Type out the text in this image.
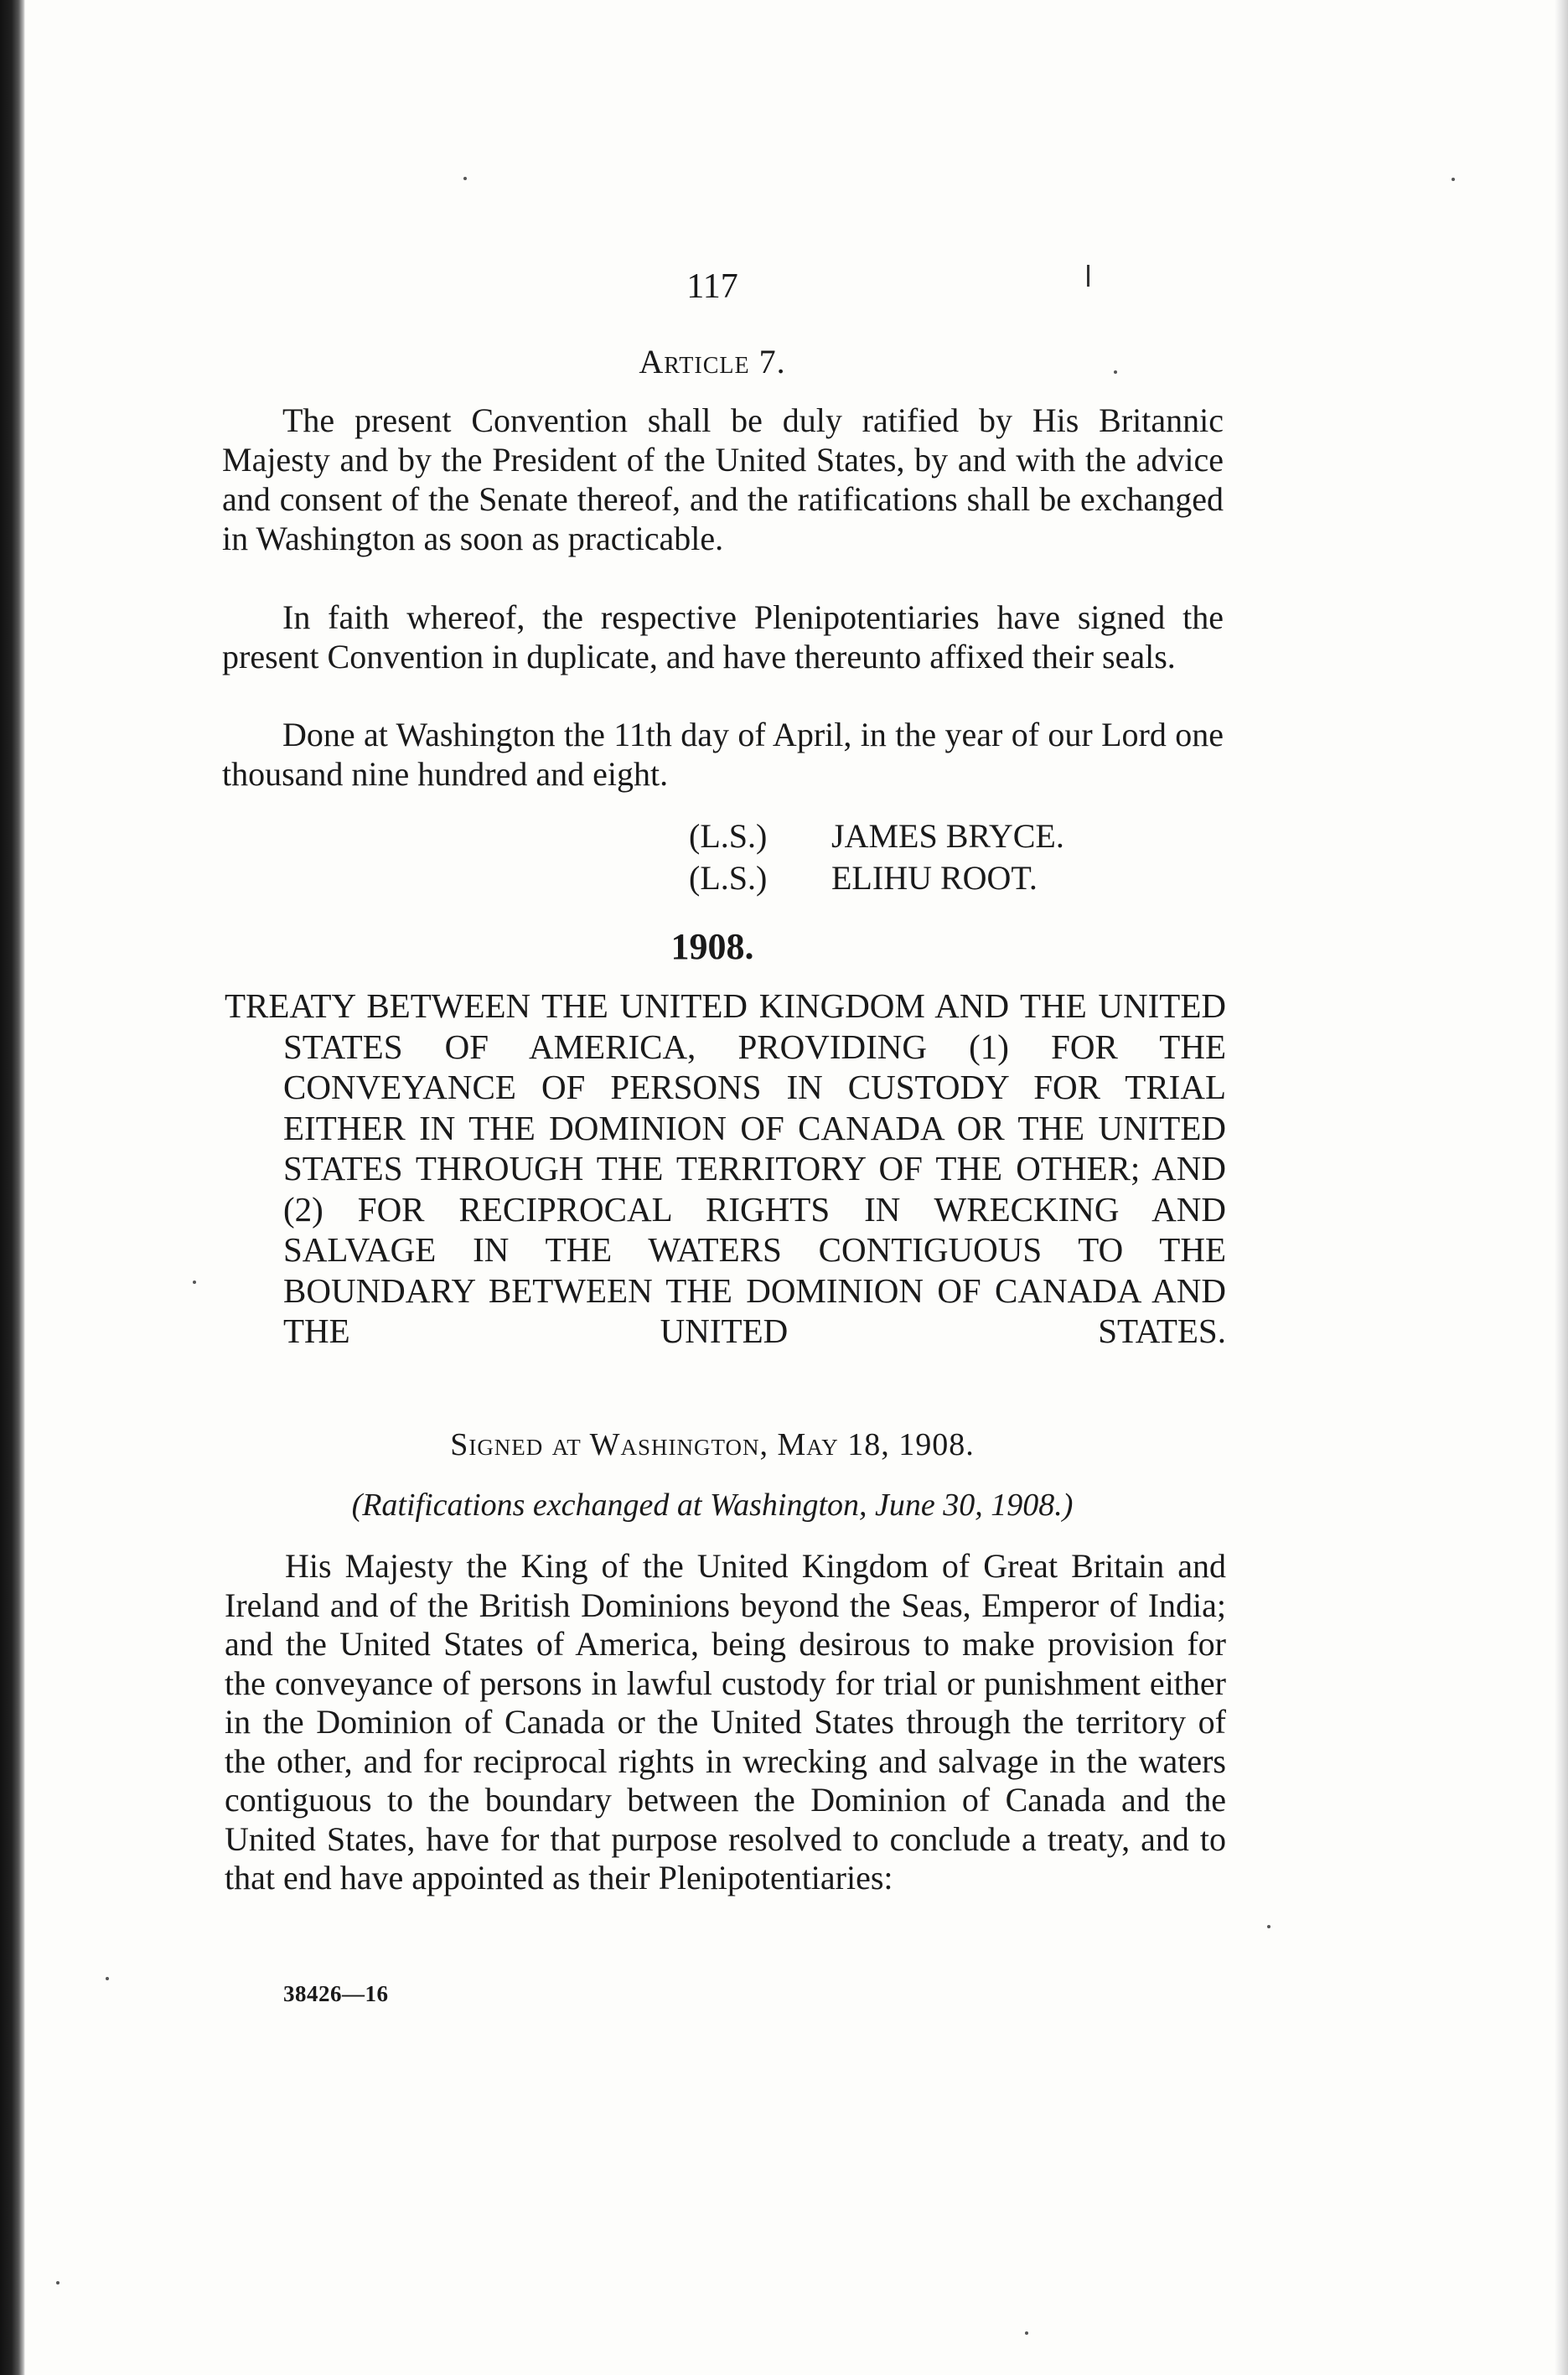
117
Article 7.

The present Convention shall be duly ratified by His Britannic Majesty and by the President of the United States, by and with the advice and consent of the Senate thereof, and the ratifications shall be exchanged in Washington as soon as practicable.

In faith whereof, the respective Plenipotentiaries have signed the present Convention in duplicate, and have thereunto affixed their seals.

Done at Washington the 11th day of April, in the year of our Lord one thousand nine hundred and eight.

(L.S.) JAMES BRYCE.
(L.S.) ELIHU ROOT.
1908.

TREATY BETWEEN THE UNITED KINGDOM AND THE UNITED STATES OF AMERICA, PROVIDING (1) FOR THE CONVEYANCE OF PERSONS IN CUSTODY FOR TRIAL EITHER IN THE DOMINION OF CANADA OR THE UNITED STATES THROUGH THE TERRITORY OF THE OTHER; AND (2) FOR RECIPROCAL RIGHTS IN WRECKING AND SALVAGE IN THE WATERS CONTIGUOUS TO THE BOUNDARY BETWEEN THE DOMINION OF CANADA AND THE UNITED STATES.

Signed at Washington, May 18, 1908.
(Ratifications exchanged at Washington, June 30, 1908.)

His Majesty the King of the United Kingdom of Great Britain and Ireland and of the British Dominions beyond the Seas, Emperor of India; and the United States of America, being desirous to make provision for the conveyance of persons in lawful custody for trial or punishment either in the Dominion of Canada or the United States through the territory of the other, and for reciprocal rights in wrecking and salvage in the waters contiguous to the boundary between the Dominion of Canada and the United States, have for that purpose resolved to conclude a treaty, and to that end have appointed as their Plenipotentiaries:

38426—16
